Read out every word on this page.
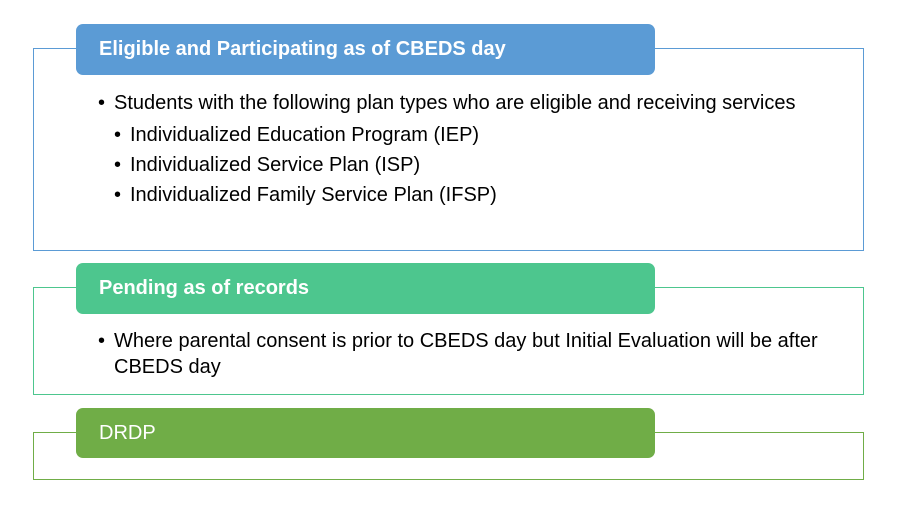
Eligible and Participating as of CBEDS day
• Students with the following plan types who are eligible and receiving services
• Individualized Education Program (IEP)
• Individualized Service Plan (ISP)
• Individualized Family Service Plan (IFSP)
Pending as of records
• Where parental consent is prior to CBEDS day but Initial Evaluation will be after CBEDS day
DRDP
